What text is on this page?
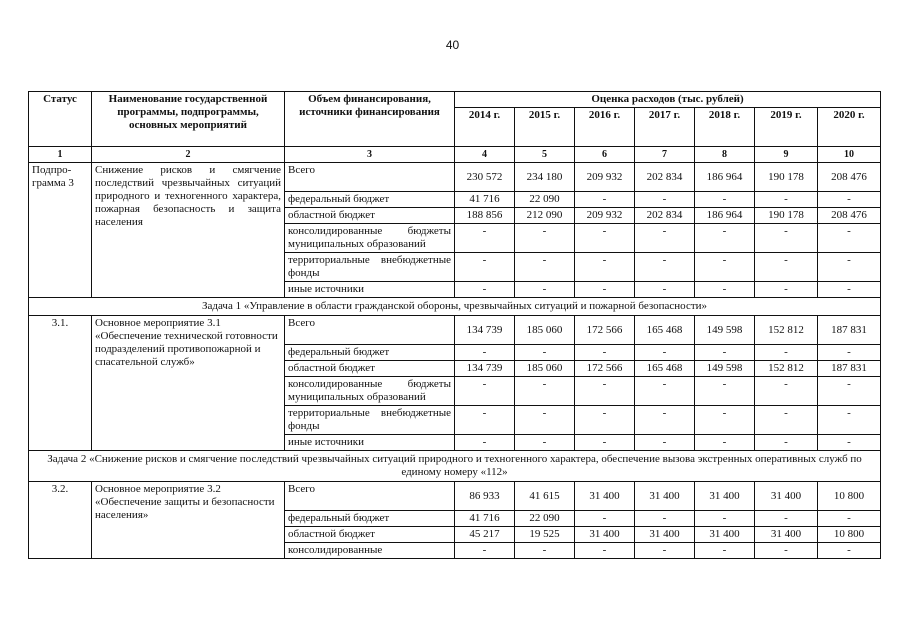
40
Статус	Наименование государственной программы, подпрограммы, основных мероприятий	Объем финансирования, источники финансирования	Оценка расходов (тыс. рублей)						
			2014 г.	2015 г.	2016 г.	2017 г.	2018 г.	2019 г.	2020 г.
1	2	3	4	5	6	7	8	9	10
Подпро- грамма 3	Снижение рисков и смягчение последствий чрезвычайных ситуаций природного и техногенного характера, пожарная безопасность и защита населения	Всего	230 572	234 180	209 932	202 834	186 964	190 178	208 476
		федеральный бюджет	41 716	22 090	-	-	-	-	-
		областной бюджет	188 856	212 090	209 932	202 834	186 964	190 178	208 476
		консолидированные бюджеты муниципальных образований	-	-	-	-	-	-	-
		территориальные внебюджетные фонды	-	-	-	-	-	-	-
		иные источники	-	-	-	-	-	-	-
Задача 1 «Управление в области гражданской обороны, чрезвычайных ситуаций и пожарной безопасности»									
3.1.	Основное мероприятие 3.1 «Обеспечение технической готовности подразделений противопожарной и спасательной служб»	Всего	134 739	185 060	172 566	165 468	149 598	152 812	187 831
		федеральный бюджет	-	-	-	-	-	-	-
		областной бюджет	134 739	185 060	172 566	165 468	149 598	152 812	187 831
		консолидированные бюджеты муниципальных образований	-	-	-	-	-	-	-
		территориальные внебюджетные фонды	-	-	-	-	-	-	-
		иные источники	-	-	-	-	-	-	-
Задача 2 «Снижение рисков и смягчение последствий чрезвычайных ситуаций природного и техногенного характера, обеспечение вызова экстренных оперативных служб по единому номеру «112»									
3.2.	Основное мероприятие 3.2 «Обеспечение защиты и безопасности населения»	Всего	86 933	41 615	31 400	31 400	31 400	31 400	10 800
		федеральный бюджет	41 716	22 090	-	-	-	-	-
		областной бюджет	45 217	19 525	31 400	31 400	31 400	31 400	10 800
		консолидированные	-	-	-	-	-	-	-
